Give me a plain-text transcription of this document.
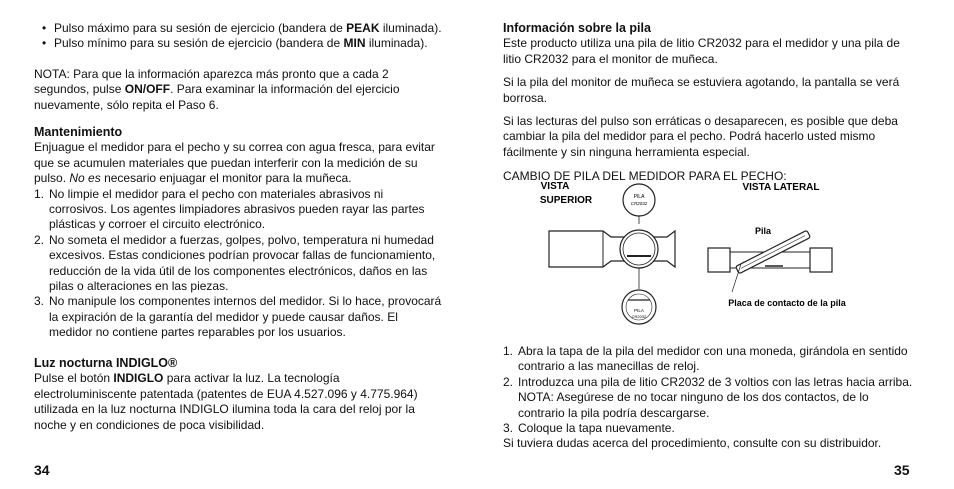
• Pulso máximo para su sesión de ejercicio (bandera de PEAK iluminada).

• Pulso mínimo para su sesión de ejercicio (bandera de MIN iluminada).

NOTA: Para que la información aparezca más pronto que a cada 2 segundos, pulse ON/OFF. Para examinar la información del ejercicio nuevamente, sólo repita el Paso 6.

Mantenimiento

Enjuague el medidor para el pecho y su correa con agua fresca, para evitar que se acumulen materiales que puedan interferir con la medición de su pulso. No es necesario enjuagar el monitor para la muñeca.

1. No limpie el medidor para el pecho con materiales abrasivos ni corrosivos. Los agentes limpiadores abrasivos pueden rayar las partes plásticas y corroer el circuito electrónico.

2. No someta el medidor a fuerzas, golpes, polvo, temperatura ni humedad excesivos. Estas condiciones podrían provocar fallas de funcionamiento, reducción de la vida útil de los componentes electrónicos, daños en las pilas o alteraciones en las piezas.

3. No manipule los componentes internos del medidor. Si lo hace, provocará la expiración de la garantía del medidor y puede causar daños. El medidor no contiene partes reparables por los usuarios.

Luz nocturna INDIGLO®

Pulse el botón INDIGLO para activar la luz. La tecnología electroluminiscente patentada (patentes de EUA 4.527.096 y 4.775.964) utilizada en la luz nocturna INDIGLO ilumina toda la cara del reloj por la noche y en condiciones de poca visibilidad.

34

Información sobre la pila

Este producto utiliza una pila de litio CR2032 para el medidor y una pila de litio CR2032 para el monitor de muñeca.

Si la pila del monitor de muñeca se estuviera agotando, la pantalla se verá borrosa.

Si las lecturas del pulso son erráticas o desaparecen, es posible que deba cambiar la pila del medidor para el pecho. Podrá hacerlo usted mismo fácilmente y sin ninguna herramienta especial.

CAMBIO DE PILA DEL MEDIDOR PARA EL PECHO:

VISTA
SUPERIOR	PILA
CR2032
PILA
CR2032
VISTA LATERAL
Pila
Placa de contacto de la pila

1. Abra la tapa de la pila del medidor con una moneda, girándola en sentido contrario a las manecillas de reloj.

2. Introduzca una pila de litio CR2032 de 3 voltios con las letras hacia arriba. NOTA: Asegúrese de no tocar ninguno de los dos contactos, de lo contrario la pila podría descargarse.

3. Coloque la tapa nuevamente.

Si tuviera dudas acerca del procedimiento, consulte con su distribuidor.

35
